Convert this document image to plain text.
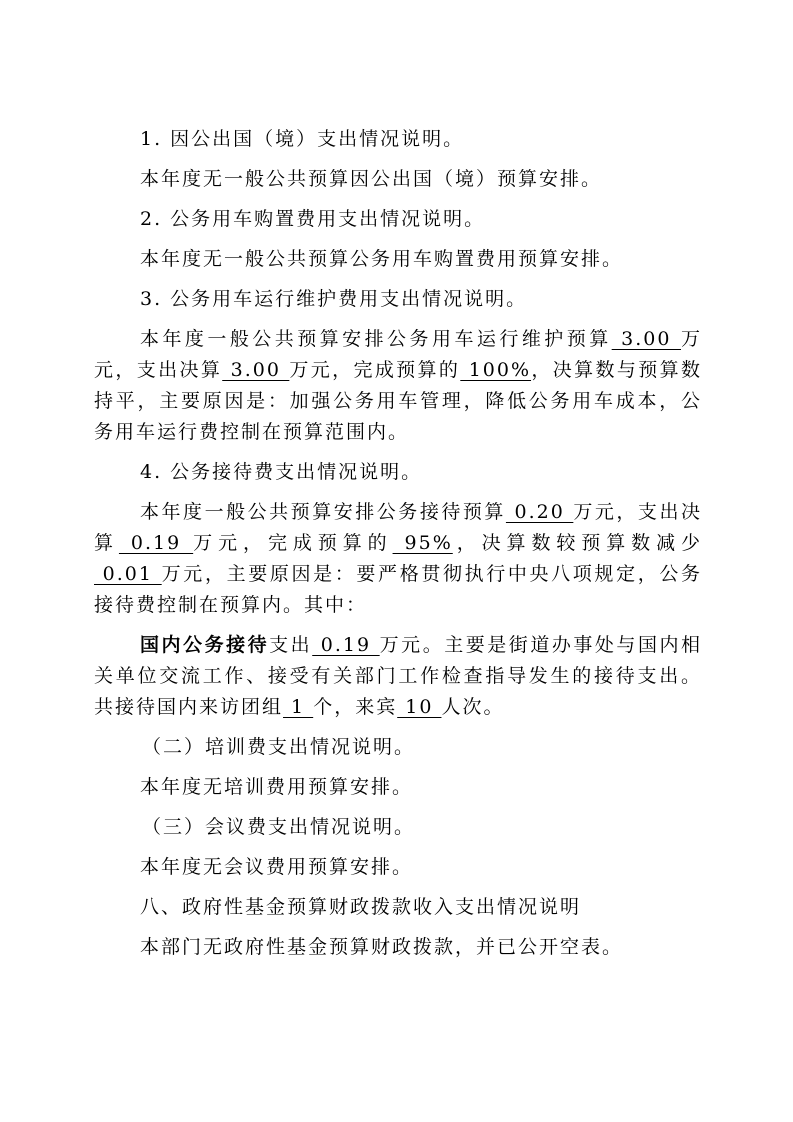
1. 因公出国（境）支出情况说明。

本年度无一般公共预算因公出国（境）预算安排。

2. 公务用车购置费用支出情况说明。

本年度无一般公共预算公务用车购置费用预算安排。

3. 公务用车运行维护费用支出情况说明。

本年度一般公共预算安排公务用车运行维护预算 3.00 万元，支出决算 3.00 万元，完成预算的 100%，决算数与预算数持平，主要原因是：加强公务用车管理，降低公务用车成本，公务用车运行费控制在预算范围内。

4. 公务接待费支出情况说明。

本年度一般公共预算安排公务接待预算 0.20 万元，支出决算 0.19 万元，完成预算的 95%，决算数较预算数减少 0.01 万元，主要原因是：要严格贯彻执行中央八项规定，公务接待费控制在预算内。其中：

国内公务接待支出 0.19 万元。主要是街道办事处与国内相关单位交流工作、接受有关部门工作检查指导发生的接待支出。共接待国内来访团组 1 个，来宾 10 人次。

（二）培训费支出情况说明。

本年度无培训费用预算安排。

（三）会议费支出情况说明。

本年度无会议费用预算安排。

八、政府性基金预算财政拨款收入支出情况说明

本部门无政府性基金预算财政拨款，并已公开空表。
